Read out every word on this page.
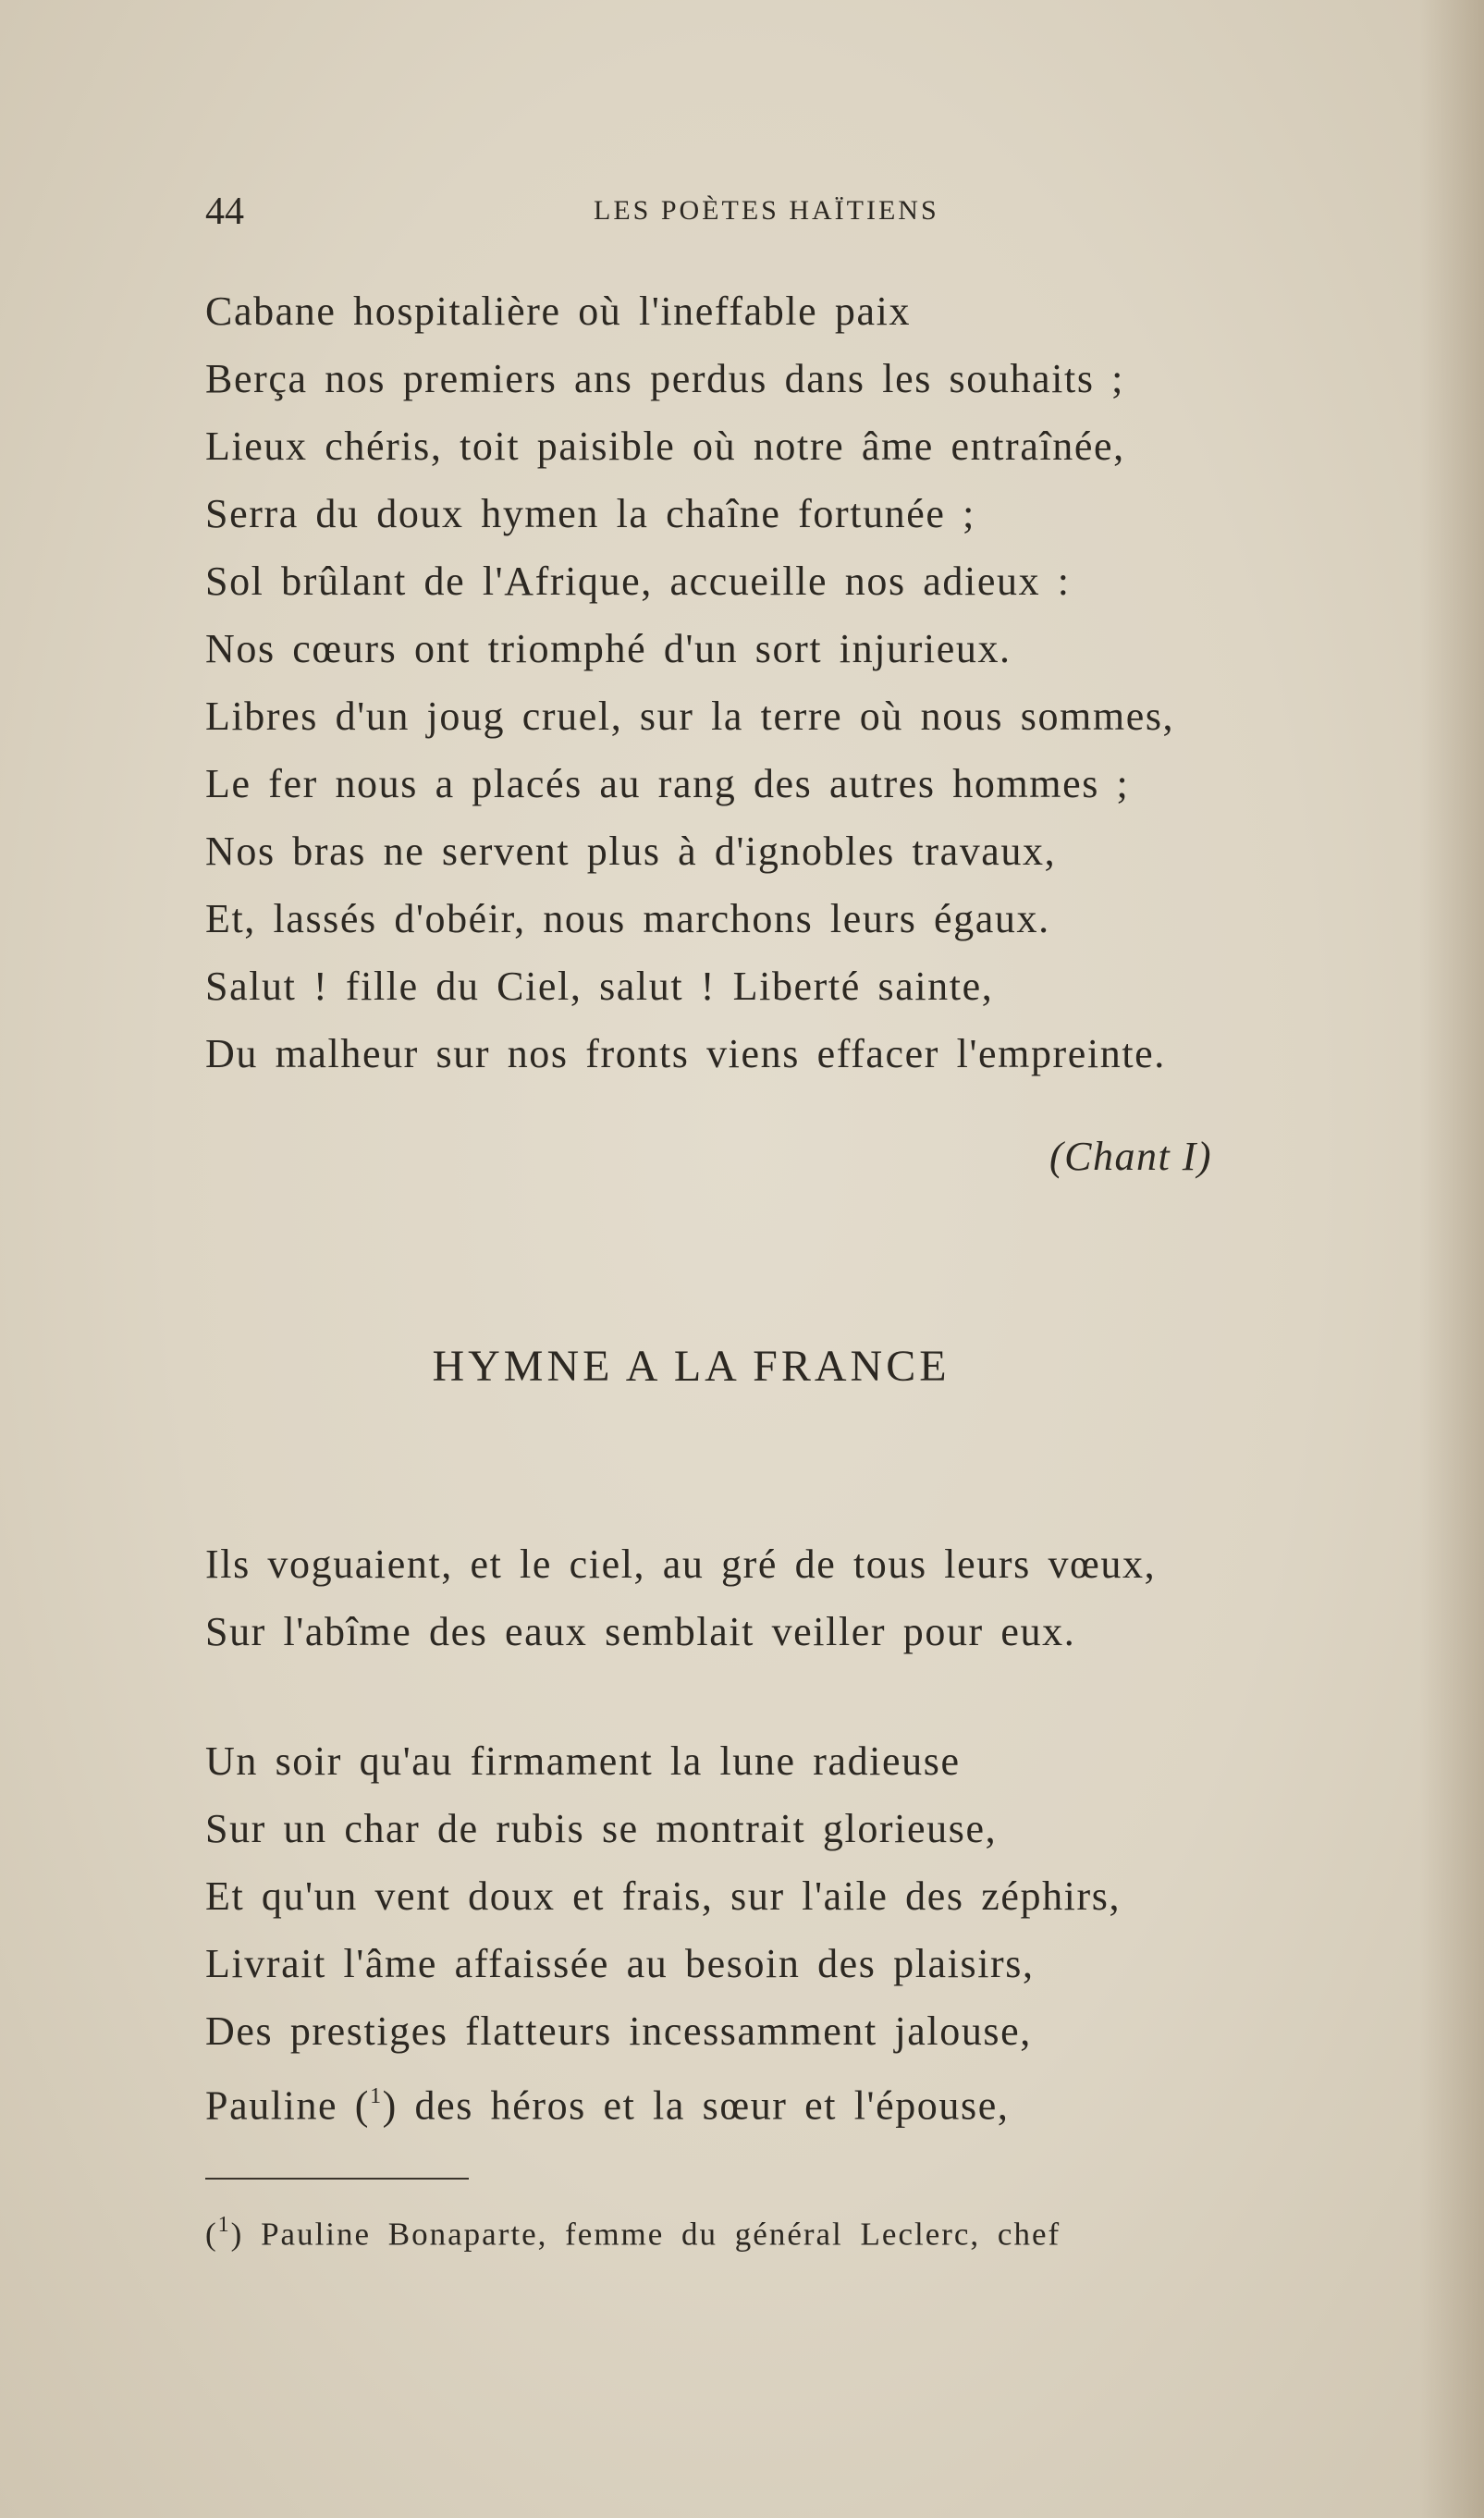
44	LES POÈTES HAÏTIENS
Cabane hospitalière où l'ineffable paix
Berça nos premiers ans perdus dans les souhaits ;
Lieux chéris, toit paisible où notre âme entraînée,
Serra du doux hymen la chaîne fortunée ;
Sol brûlant de l'Afrique, accueille nos adieux :
Nos cœurs ont triomphé d'un sort injurieux.
Libres d'un joug cruel, sur la terre où nous sommes,
Le fer nous a placés au rang des autres hommes ;
Nos bras ne servent plus à d'ignobles travaux,
Et, lassés d'obéir, nous marchons leurs égaux.
Salut ! fille du Ciel, salut ! Liberté sainte,
Du malheur sur nos fronts viens effacer l'empreinte.
(Chant I)
HYMNE A LA FRANCE
Ils voguaient, et le ciel, au gré de tous leurs vœux,
Sur l'abîme des eaux semblait veiller pour eux.
Un soir qu'au firmament la lune radieuse
Sur un char de rubis se montrait glorieuse,
Et qu'un vent doux et frais, sur l'aile des zéphirs,
Livrait l'âme affaissée au besoin des plaisirs,
Des prestiges flatteurs incessamment jalouse,
Pauline ($^1$) des héros et la sœur et l'épouse,
($^1$) Pauline Bonaparte, femme du général Leclerc, chef
